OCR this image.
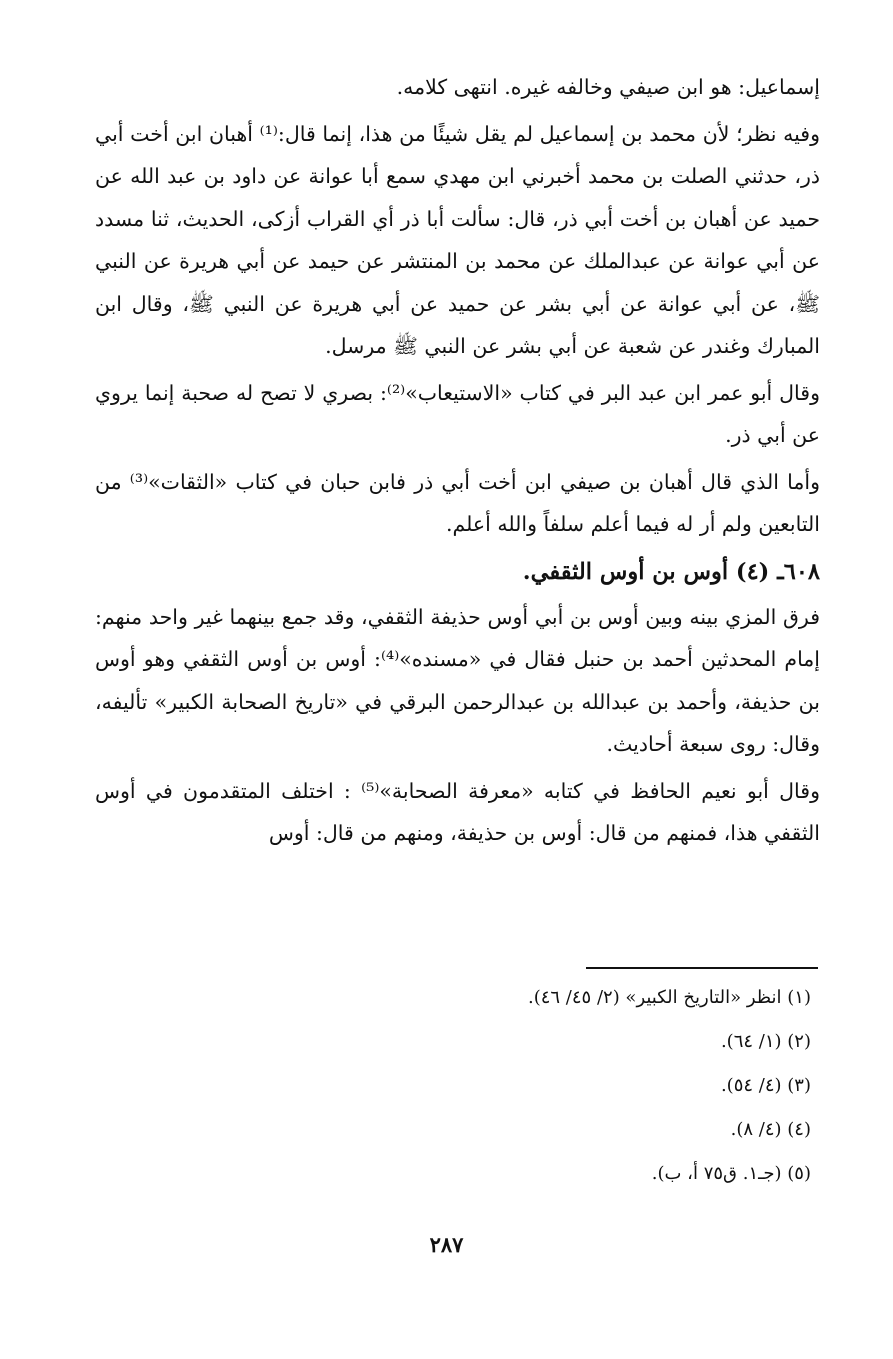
إسماعيل: هو ابن صيفي وخالفه غيره. انتهى كلامه.

وفيه نظر؛ لأن محمد بن إسماعيل لم يقل شيئًا من هذا، إنما قال:⁽¹⁾ أهبان ابن أخت أبي ذر، حدثني الصلت بن محمد أخبرني ابن مهدي سمع أبا عوانة عن داود بن عبد الله عن حميد عن أهبان بن أخت أبي ذر، قال: سألت أبا ذر أي القراب أزكى، الحديث، ثنا مسدد عن أبي عوانة عن عبدالملك عن محمد بن المنتشر عن حيمد عن أبي هريرة عن النبي ﷺ، عن أبي عوانة عن أبي بشر عن حميد عن أبي هريرة عن النبي ﷺ، وقال ابن المبارك وغندر عن شعبة عن أبي بشر عن النبي ﷺ مرسل.

وقال أبو عمر ابن عبد البر في كتاب «الاستيعاب»⁽²⁾: بصري لا تصح له صحبة إنما يروي عن أبي ذر.

وأما الذي قال أهبان بن صيفي ابن أخت أبي ذر فابن حبان في كتاب «الثقات»⁽³⁾ من التابعين ولم أر له فيما أعلم سلفاً والله أعلم.

٦٠٨ـ (٤) أوس بن أوس الثقفي.

فرق المزي بينه وبين أوس بن أبي أوس حذيفة الثقفي، وقد جمع بينهما غير واحد منهم: إمام المحدثين أحمد بن حنبل فقال في «مسنده»⁽⁴⁾: أوس بن أوس الثقفي وهو أوس بن حذيفة، وأحمد بن عبدالله بن عبدالرحمن البرقي في «تاريخ الصحابة الكبير» تأليفه، وقال: روى سبعة أحاديث.

وقال أبو نعيم الحافظ في كتابه «معرفة الصحابة»⁽⁵⁾ : اختلف المتقدمون في أوس الثقفي هذا، فمنهم من قال: أوس بن حذيفة، ومنهم من قال: أوس

(١) انظر «التاريخ الكبير» (٢/ ٤٥/ ٤٦).
(٢) (١/ ٦٤).
(٣) (٤/ ٥٤).
(٤) (٤/ ٨).
(٥) (جـ١. ق٧٥ أ، ب).
٢٨٧
